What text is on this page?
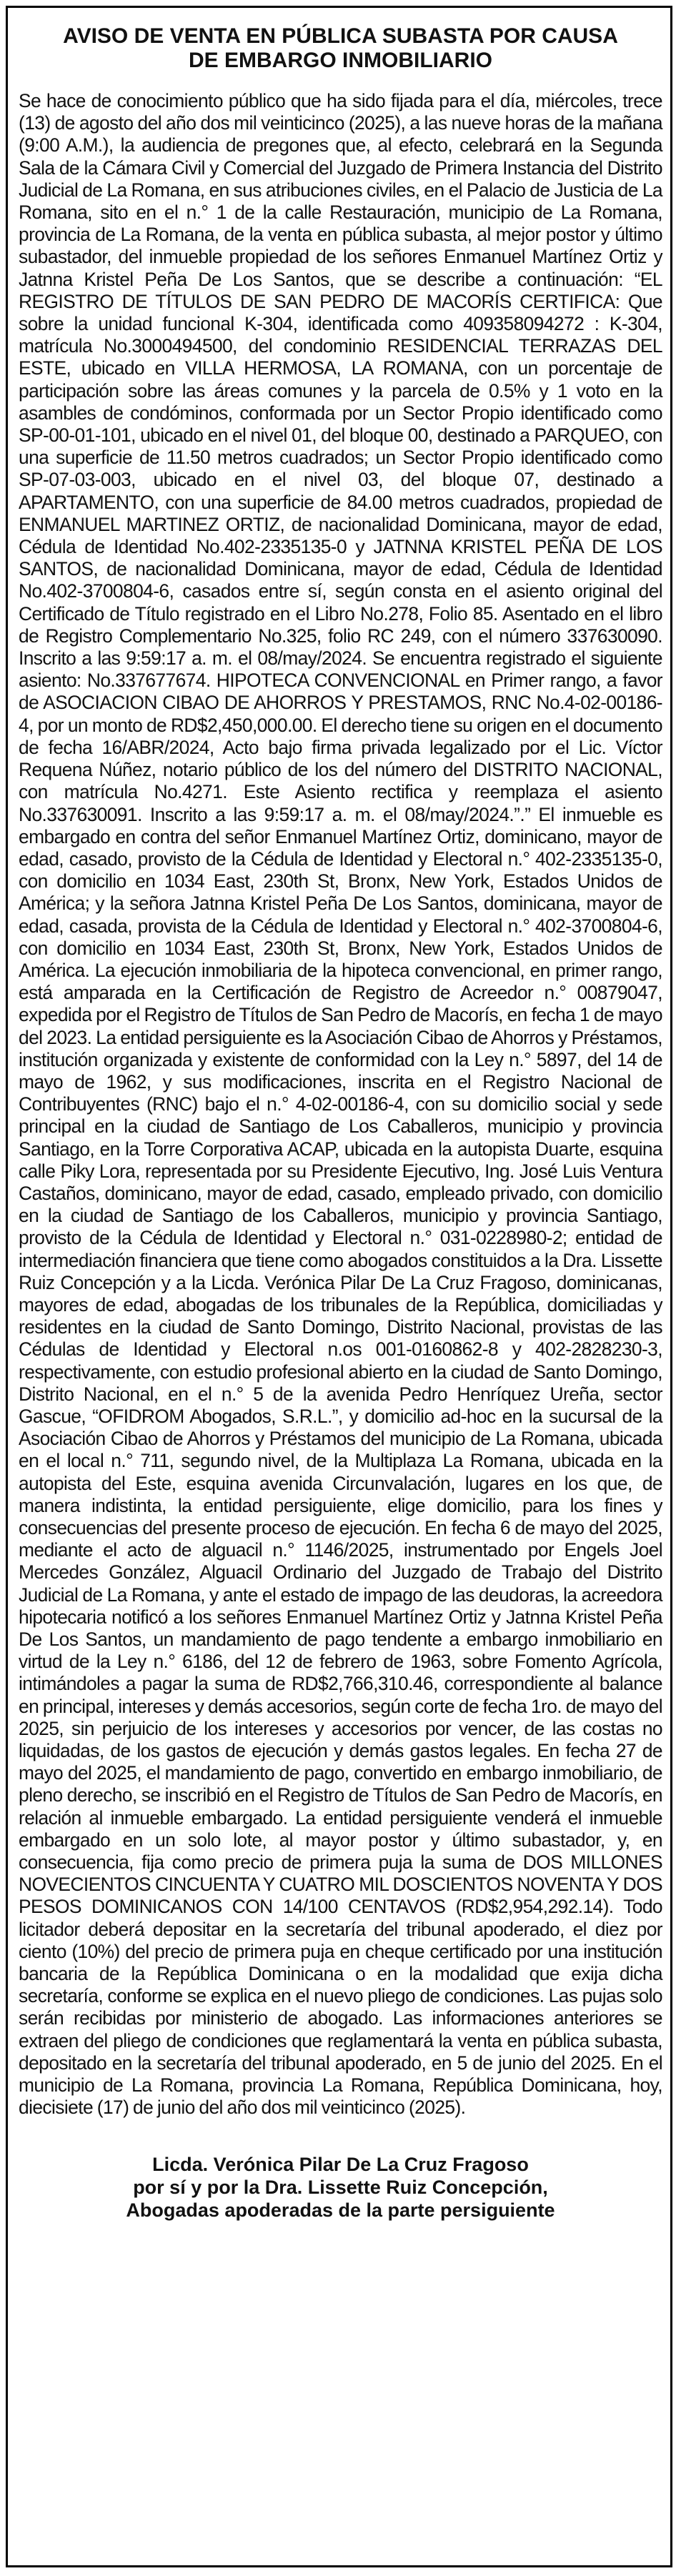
AVISO DE VENTA EN PÚBLICA SUBASTA POR CAUSA
DE EMBARGO INMOBILIARIO

Se hace de conocimiento público que ha sido fijada para el día, miércoles, trece (13) de agosto del año dos mil veinticinco (2025), a las nueve horas de la mañana (9:00 A.M.), la audiencia de pregones que, al efecto, celebrará en la Segunda Sala de la Cámara Civil y Comercial del Juzgado de Primera Instancia del Distrito Judicial de La Romana, en sus atribuciones civiles, en el Palacio de Justicia de La Romana, sito en el n.° 1 de la calle Restauración, municipio de La Romana, provincia de La Romana, de la venta en pública subasta, al mejor postor y último subastador, del inmueble propiedad de los señores Enmanuel Martínez Ortiz y Jatnna Kristel Peña De Los Santos, que se describe a continuación: “EL REGISTRO DE TÍTULOS DE SAN PEDRO DE MACORÍS CERTIFICA: Que sobre la unidad funcional K-304, identificada como 409358094272 : K-304, matrícula No.3000494500, del condominio RESIDENCIAL TERRAZAS DEL ESTE, ubicado en VILLA HERMOSA, LA ROMANA, con un porcentaje de participación sobre las áreas comunes y la parcela de 0.5% y 1 voto en la asambles de condóminos, conformada por un Sector Propio identificado como SP-00-01-101, ubicado en el nivel 01, del bloque 00, destinado a PARQUEO, con una superficie de 11.50 metros cuadrados; un Sector Propio identificado como SP-07-03-003, ubicado en el nivel 03, del bloque 07, destinado a APARTAMENTO, con una superficie de 84.00 metros cuadrados, propiedad de ENMANUEL MARTINEZ ORTIZ, de nacionalidad Dominicana, mayor de edad, Cédula de Identidad No.402-2335135-0 y JATNNA KRISTEL PEÑA DE LOS SANTOS, de nacionalidad Dominicana, mayor de edad, Cédula de Identidad No.402-3700804-6, casados entre sí, según consta en el asiento original del Certificado de Título registrado en el Libro No.278, Folio 85. Asentado en el libro de Registro Complementario No.325, folio RC 249, con el número 337630090. Inscrito a las 9:59:17 a. m. el 08/may/2024. Se encuentra registrado el siguiente asiento: No.337677674. HIPOTECA CONVENCIONAL en Primer rango, a favor de ASOCIACION CIBAO DE AHORROS Y PRESTAMOS, RNC No.4-02-00186-4, por un monto de RD$2,450,000.00. El derecho tiene su origen en el documento de fecha 16/ABR/2024, Acto bajo firma privada legalizado por el Lic. Víctor Requena Núñez, notario público de los del número del DISTRITO NACIONAL, con matrícula No.4271. Este Asiento rectifica y reemplaza el asiento No.337630091. Inscrito a las 9:59:17 a. m. el 08/may/2024.”.” El inmueble es embargado en contra del señor Enmanuel Martínez Ortiz, dominicano, mayor de edad, casado, provisto de la Cédula de Identidad y Electoral n.° 402-2335135-0, con domicilio en 1034 East, 230th St, Bronx, New York, Estados Unidos de América; y la señora Jatnna Kristel Peña De Los Santos, dominicana, mayor de edad, casada, provista de la Cédula de Identidad y Electoral n.° 402-3700804-6, con domicilio en 1034 East, 230th St, Bronx, New York, Estados Unidos de América. La ejecución inmobiliaria de la hipoteca convencional, en primer rango, está amparada en la Certificación de Registro de Acreedor n.° 00879047, expedida por el Registro de Títulos de San Pedro de Macorís, en fecha 1 de mayo del 2023. La entidad persiguiente es la Asociación Cibao de Ahorros y Préstamos, institución organizada y existente de conformidad con la Ley n.° 5897, del 14 de mayo de 1962, y sus modificaciones, inscrita en el Registro Nacional de Contribuyentes (RNC) bajo el n.° 4-02-00186-4, con su domicilio social y sede principal en la ciudad de Santiago de Los Caballeros, municipio y provincia Santiago, en la Torre Corporativa ACAP, ubicada en la autopista Duarte, esquina calle Piky Lora, representada por su Presidente Ejecutivo, Ing. José Luis Ventura Castaños, dominicano, mayor de edad, casado, empleado privado, con domicilio en la ciudad de Santiago de los Caballeros, municipio y provincia Santiago, provisto de la Cédula de Identidad y Electoral n.° 031-0228980-2; entidad de intermediación financiera que tiene como abogados constituidos a la Dra. Lissette Ruiz Concepción y a la Licda. Verónica Pilar De La Cruz Fragoso, dominicanas, mayores de edad, abogadas de los tribunales de la República, domiciliadas y residentes en la ciudad de Santo Domingo, Distrito Nacional, provistas de las Cédulas de Identidad y Electoral n.os 001-0160862-8 y 402-2828230-3, respectivamente, con estudio profesional abierto en la ciudad de Santo Domingo, Distrito Nacional, en el n.° 5 de la avenida Pedro Henríquez Ureña, sector Gascue, “OFIDROM Abogados, S.R.L.”, y domicilio ad-hoc en la sucursal de la Asociación Cibao de Ahorros y Préstamos del municipio de La Romana, ubicada en el local n.° 711, segundo nivel, de la Multiplaza La Romana, ubicada en la autopista del Este, esquina avenida Circunvalación, lugares en los que, de manera indistinta, la entidad persiguiente, elige domicilio, para los fines y consecuencias del presente proceso de ejecución. En fecha 6 de mayo del 2025, mediante el acto de alguacil n.° 1146/2025, instrumentado por Engels Joel Mercedes González, Alguacil Ordinario del Juzgado de Trabajo del Distrito Judicial de La Romana, y ante el estado de impago de las deudoras, la acreedora hipotecaria notificó a los señores Enmanuel Martínez Ortiz y Jatnna Kristel Peña De Los Santos, un mandamiento de pago tendente a embargo inmobiliario en virtud de la Ley n.° 6186, del 12 de febrero de 1963, sobre Fomento Agrícola, intimándoles a pagar la suma de RD$2,766,310.46, correspondiente al balance en principal, intereses y demás accesorios, según corte de fecha 1ro. de mayo del 2025, sin perjuicio de los intereses y accesorios por vencer, de las costas no liquidadas, de los gastos de ejecución y demás gastos legales. En fecha 27 de mayo del 2025, el mandamiento de pago, convertido en embargo inmobiliario, de pleno derecho, se inscribió en el Registro de Títulos de San Pedro de Macorís, en relación al inmueble embargado. La entidad persiguiente venderá el inmueble embargado en un solo lote, al mayor postor y último subastador, y, en consecuencia, fija como precio de primera puja la suma de DOS MILLONES NOVECIENTOS CINCUENTA Y CUATRO MIL DOSCIENTOS NOVENTA Y DOS PESOS DOMINICANOS CON 14/100 CENTAVOS (RD$2,954,292.14). Todo licitador deberá depositar en la secretaría del tribunal apoderado, el diez por ciento (10%) del precio de primera puja en cheque certificado por una institución bancaria de la República Dominicana o en la modalidad que exija dicha secretaría, conforme se explica en el nuevo pliego de condiciones. Las pujas solo serán recibidas por ministerio de abogado. Las informaciones anteriores se extraen del pliego de condiciones que reglamentará la venta en pública subasta, depositado en la secretaría del tribunal apoderado, en 5 de junio del 2025. En el municipio de La Romana, provincia La Romana, República Dominicana, hoy, diecisiete (17) de junio del año dos mil veinticinco (2025).

Licda. Verónica Pilar De La Cruz Fragoso
por sí y por la Dra. Lissette Ruiz Concepción,
Abogadas apoderadas de la parte persiguiente
